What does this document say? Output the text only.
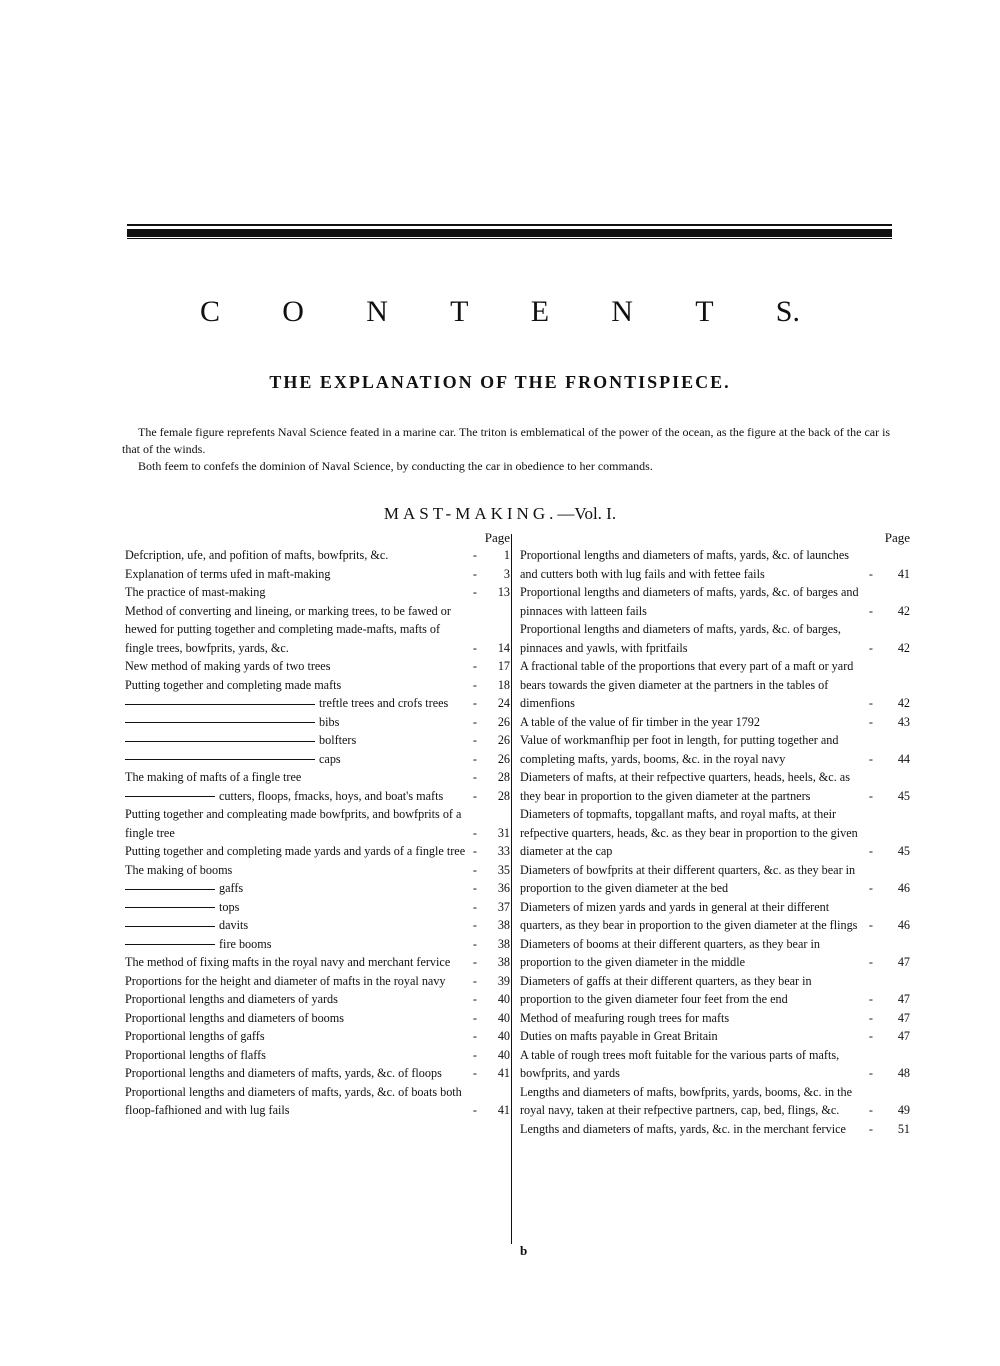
C O N T E N T S.
THE EXPLANATION OF THE FRONTISPIECE.

The female figure reprefents Naval Science feated in a marine car. The triton is emblematical of the power of the ocean, as the figure at the back of the car is that of the winds.

Both feem to confefs the dominion of Naval Science, by conducting the car in obedience to her commands.

MAST-MAKING.—Vol. I.
Page
Defcription, ufe, and pofition of mafts, bowfprits, &c.	-	1
Explanation of terms ufed in maft-making	-	3
The practice of mast-making	-	13
Method of converting and lineing, or marking trees, to be fawed or hewed for putting together and completing made-mafts, mafts of fingle trees, bowfprits, yards, &c.	-	14
New method of making yards of two trees	-	17
Putting together and completing made mafts	-	18
treftle trees and crofs trees	-	24
bibs	-	26
bolfters	-	26
caps	-	26
The making of mafts of a fingle tree	-	28
cutters, floops, fmacks, hoys, and boat's mafts	-	28
Putting together and compleating made bowfprits, and bowfprits of a fingle tree	-	31
Putting together and completing made yards and yards of a fingle tree -	33
The making of booms	-	35
gaffs	-	36
tops	-	37
davits	-	38
fire booms	-	38
The method of fixing mafts in the royal navy and merchant fervice	-	38
Proportions for the height and diameter of mafts in the royal navy	-	39
Proportional lengths and diameters of yards	-	40
Proportional lengths and diameters of booms	-	40
Proportional lengths of gaffs	-	40
Proportional lengths of flaffs	-	40
Proportional lengths and diameters of mafts, yards, &c. of floops	-	41
Proportional lengths and diameters of mafts, yards, &c. of boats both floop-fafhioned and with lug fails	-	41
Page
Proportional lengths and diameters of mafts, yards, &c. of launches and cutters both with lug fails and with fettee fails	-	41
Proportional lengths and diameters of mafts, yards, &c. of barges and pinnaces with latteen fails	-	42
Proportional lengths and diameters of mafts, yards, &c. of barges, pinnaces and yawls, with fpritfails	-	42
A fractional table of the proportions that every part of a maft or yard bears towards the given diameter at the partners in the tables of dimenfions	-	42
A table of the value of fir timber in the year 1792	-	43
Value of workmanfhip per foot in length, for putting together and completing mafts, yards, booms, &c. in the royal navy	-	44
Diameters of mafts, at their refpective quarters, heads, heels, &c. as they bear in proportion to the given diameter at the partners	-	45
Diameters of topmafts, topgallant mafts, and royal mafts, at their refpective quarters, heads, &c. as they bear in proportion to the given diameter at the cap	-	45
Diameters of bowfprits at their different quarters, &c. as they bear in proportion to the given diameter at the bed	-	46
Diameters of mizen yards and yards in general at their different quarters, as they bear in proportion to the given diameter at the flings -	46
Diameters of booms at their different quarters, as they bear in proportion to the given diameter in the middle	-	47
Diameters of gaffs at their different quarters, as they bear in proportion to the given diameter four feet from the end	-	47
Method of meafuring rough trees for mafts	-	47
Duties on mafts payable in Great Britain	-	47
A table of rough trees moft fuitable for the various parts of mafts, bowfprits, and yards	-	48
Lengths and diameters of mafts, bowfprits, yards, booms, &c. in the royal navy, taken at their refpective partners, cap, bed, flings, &c.	-	49
Lengths and diameters of mafts, yards, &c. in the merchant fervice	-	51
b
